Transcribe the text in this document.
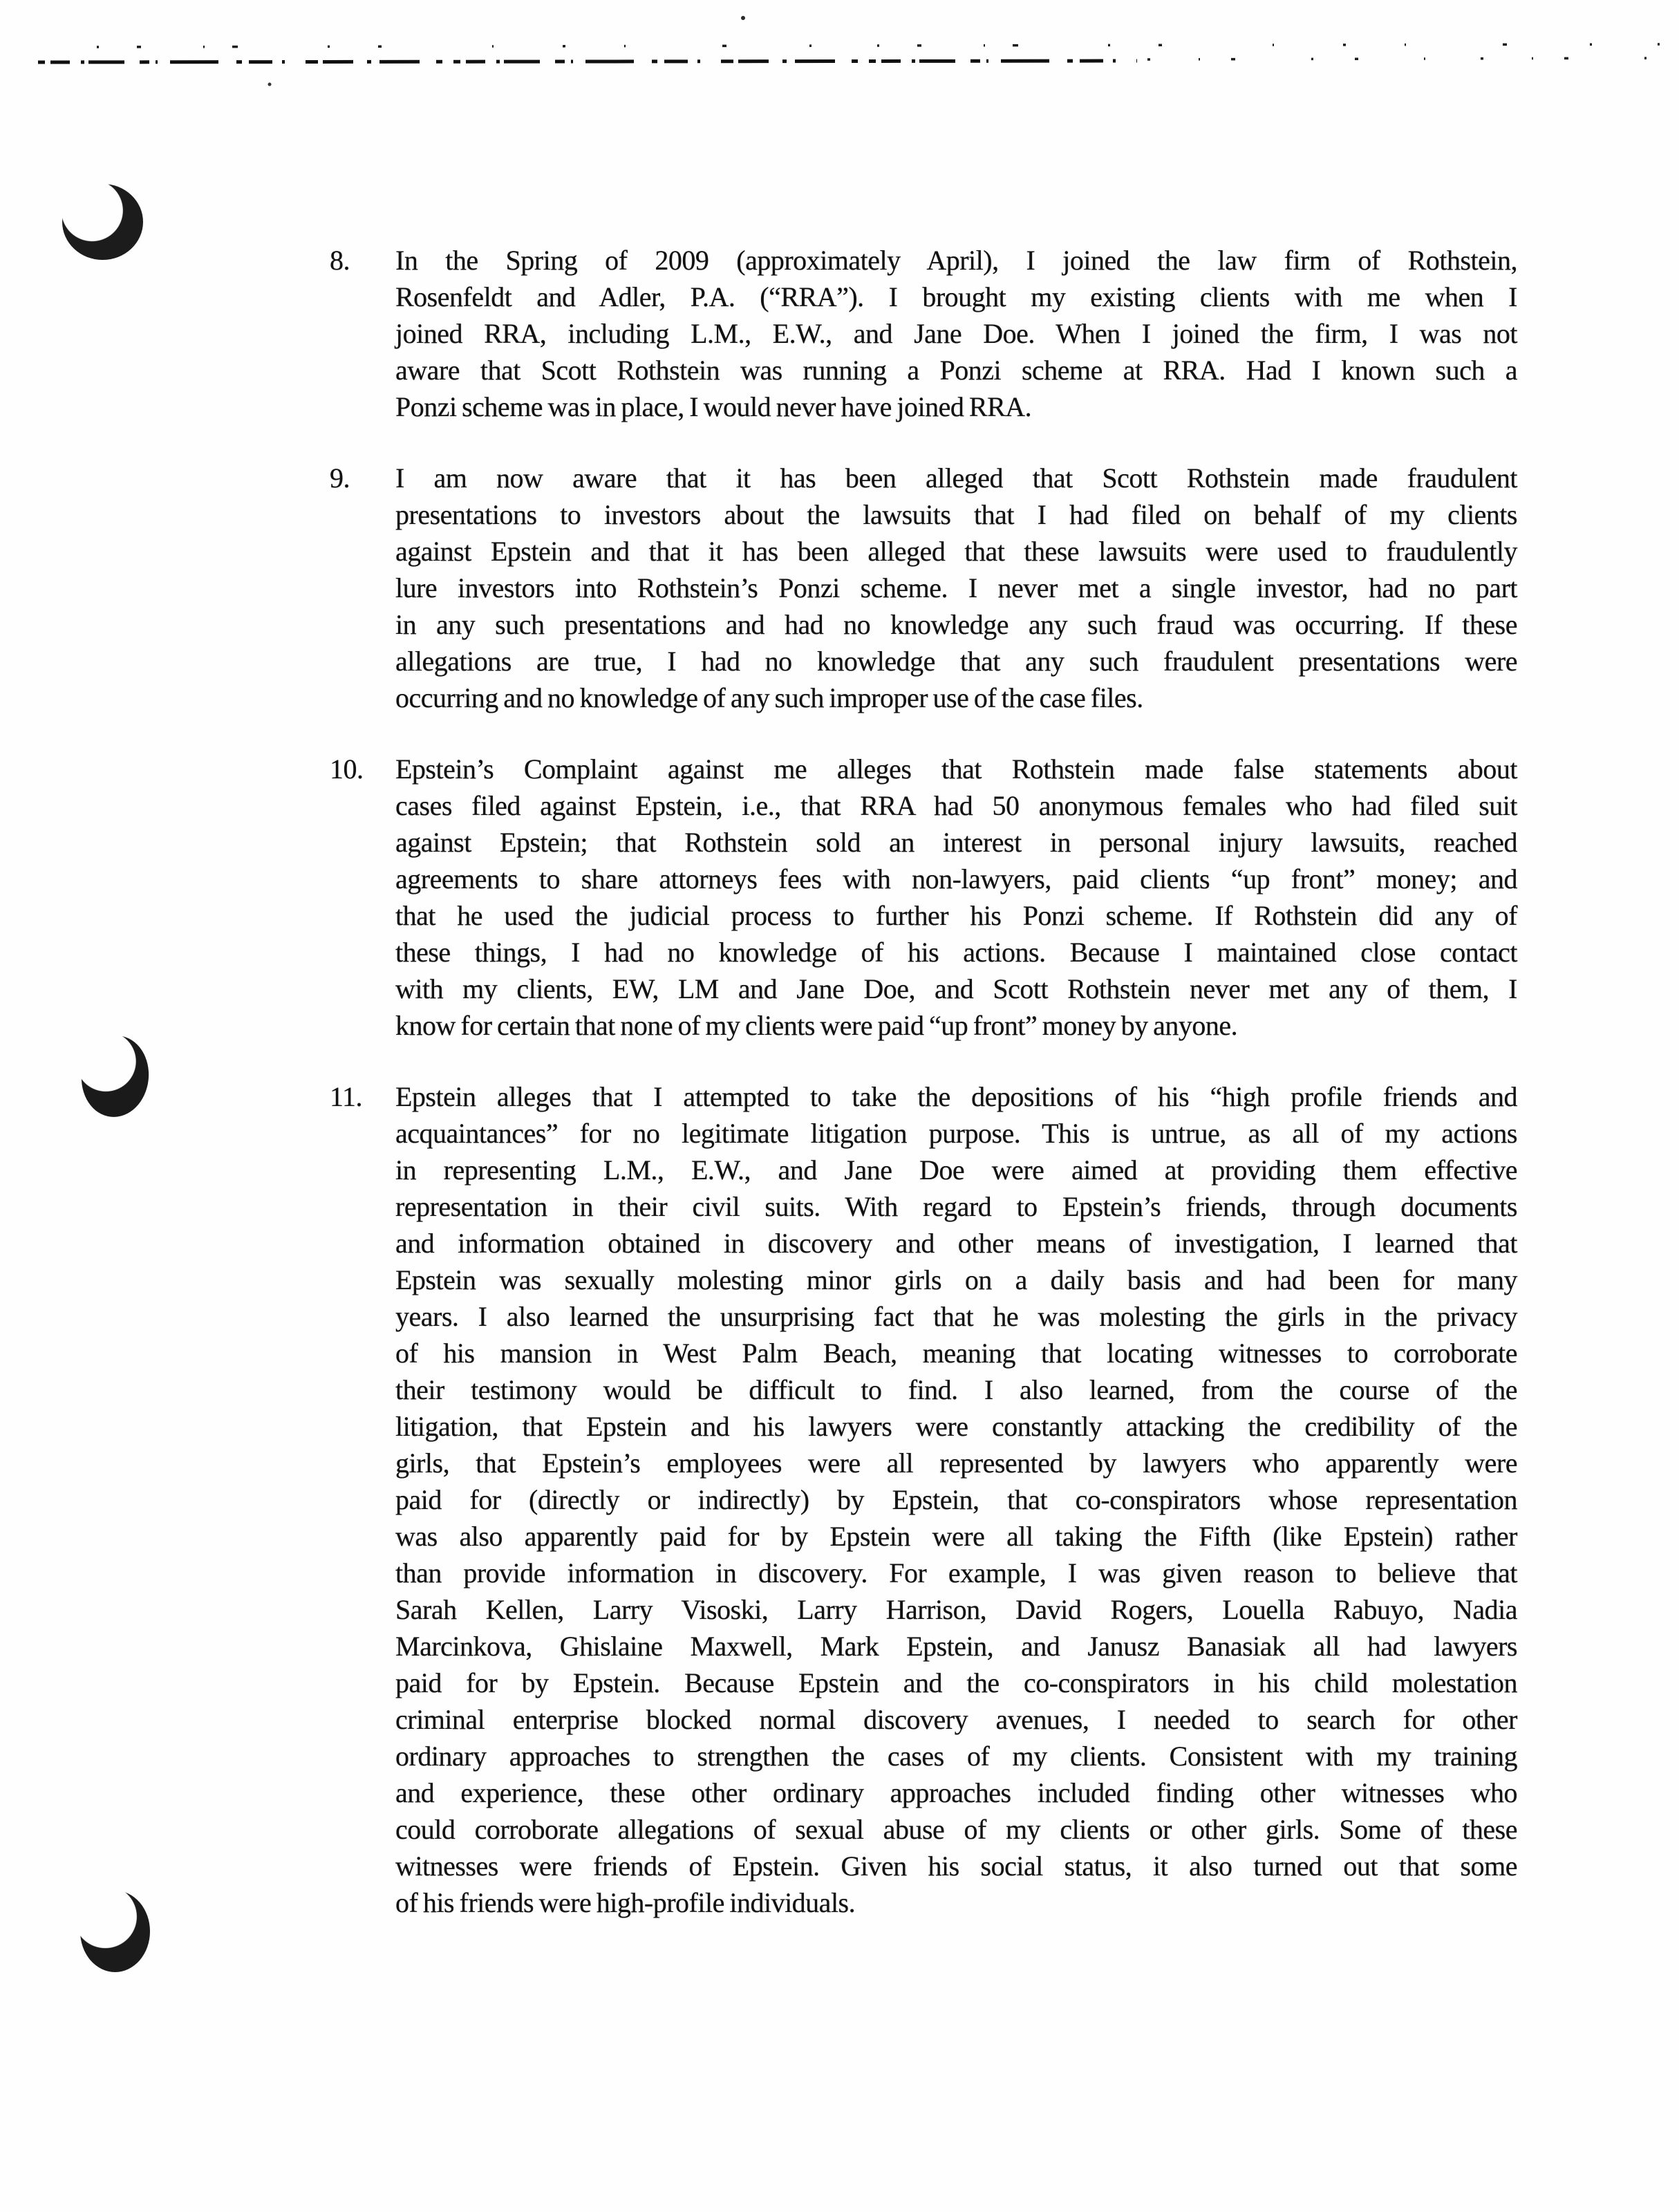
8. In the Spring of 2009 (approximately April), I joined the law firm of Rothstein,
Rosenfeldt and Adler, P.A. (“RRA”). I brought my existing clients with me when I
joined RRA, including L.M., E.W., and Jane Doe. When I joined the firm, I was not
aware that Scott Rothstein was running a Ponzi scheme at RRA. Had I known such a
Ponzi scheme was in place, I would never have joined RRA.
9. I am now aware that it has been alleged that Scott Rothstein made fraudulent
presentations to investors about the lawsuits that I had filed on behalf of my clients
against Epstein and that it has been alleged that these lawsuits were used to fraudulently
lure investors into Rothstein’s Ponzi scheme. I never met a single investor, had no part
in any such presentations and had no knowledge any such fraud was occurring. If these
allegations are true, I had no knowledge that any such fraudulent presentations were
occurring and no knowledge of any such improper use of the case files.
10. Epstein’s Complaint against me alleges that Rothstein made false statements about
cases filed against Epstein, i.e., that RRA had 50 anonymous females who had filed suit
against Epstein; that Rothstein sold an interest in personal injury lawsuits, reached
agreements to share attorneys fees with non-lawyers, paid clients “up front” money; and
that he used the judicial process to further his Ponzi scheme. If Rothstein did any of
these things, I had no knowledge of his actions. Because I maintained close contact
with my clients, EW, LM and Jane Doe, and Scott Rothstein never met any of them, I
know for certain that none of my clients were paid “up front” money by anyone.
11. Epstein alleges that I attempted to take the depositions of his “high profile friends and
acquaintances” for no legitimate litigation purpose. This is untrue, as all of my actions
in representing L.M., E.W., and Jane Doe were aimed at providing them effective
representation in their civil suits. With regard to Epstein’s friends, through documents
and information obtained in discovery and other means of investigation, I learned that
Epstein was sexually molesting minor girls on a daily basis and had been for many
years. I also learned the unsurprising fact that he was molesting the girls in the privacy
of his mansion in West Palm Beach, meaning that locating witnesses to corroborate
their testimony would be difficult to find. I also learned, from the course of the
litigation, that Epstein and his lawyers were constantly attacking the credibility of the
girls, that Epstein’s employees were all represented by lawyers who apparently were
paid for (directly or indirectly) by Epstein, that co-conspirators whose representation
was also apparently paid for by Epstein were all taking the Fifth (like Epstein) rather
than provide information in discovery. For example, I was given reason to believe that
Sarah Kellen, Larry Visoski, Larry Harrison, David Rogers, Louella Rabuyo, Nadia
Marcinkova, Ghislaine Maxwell, Mark Epstein, and Janusz Banasiak all had lawyers
paid for by Epstein. Because Epstein and the co-conspirators in his child molestation
criminal enterprise blocked normal discovery avenues, I needed to search for other
ordinary approaches to strengthen the cases of my clients. Consistent with my training
and experience, these other ordinary approaches included finding other witnesses who
could corroborate allegations of sexual abuse of my clients or other girls. Some of these
witnesses were friends of Epstein. Given his social status, it also turned out that some
of his friends were high-profile individuals.
